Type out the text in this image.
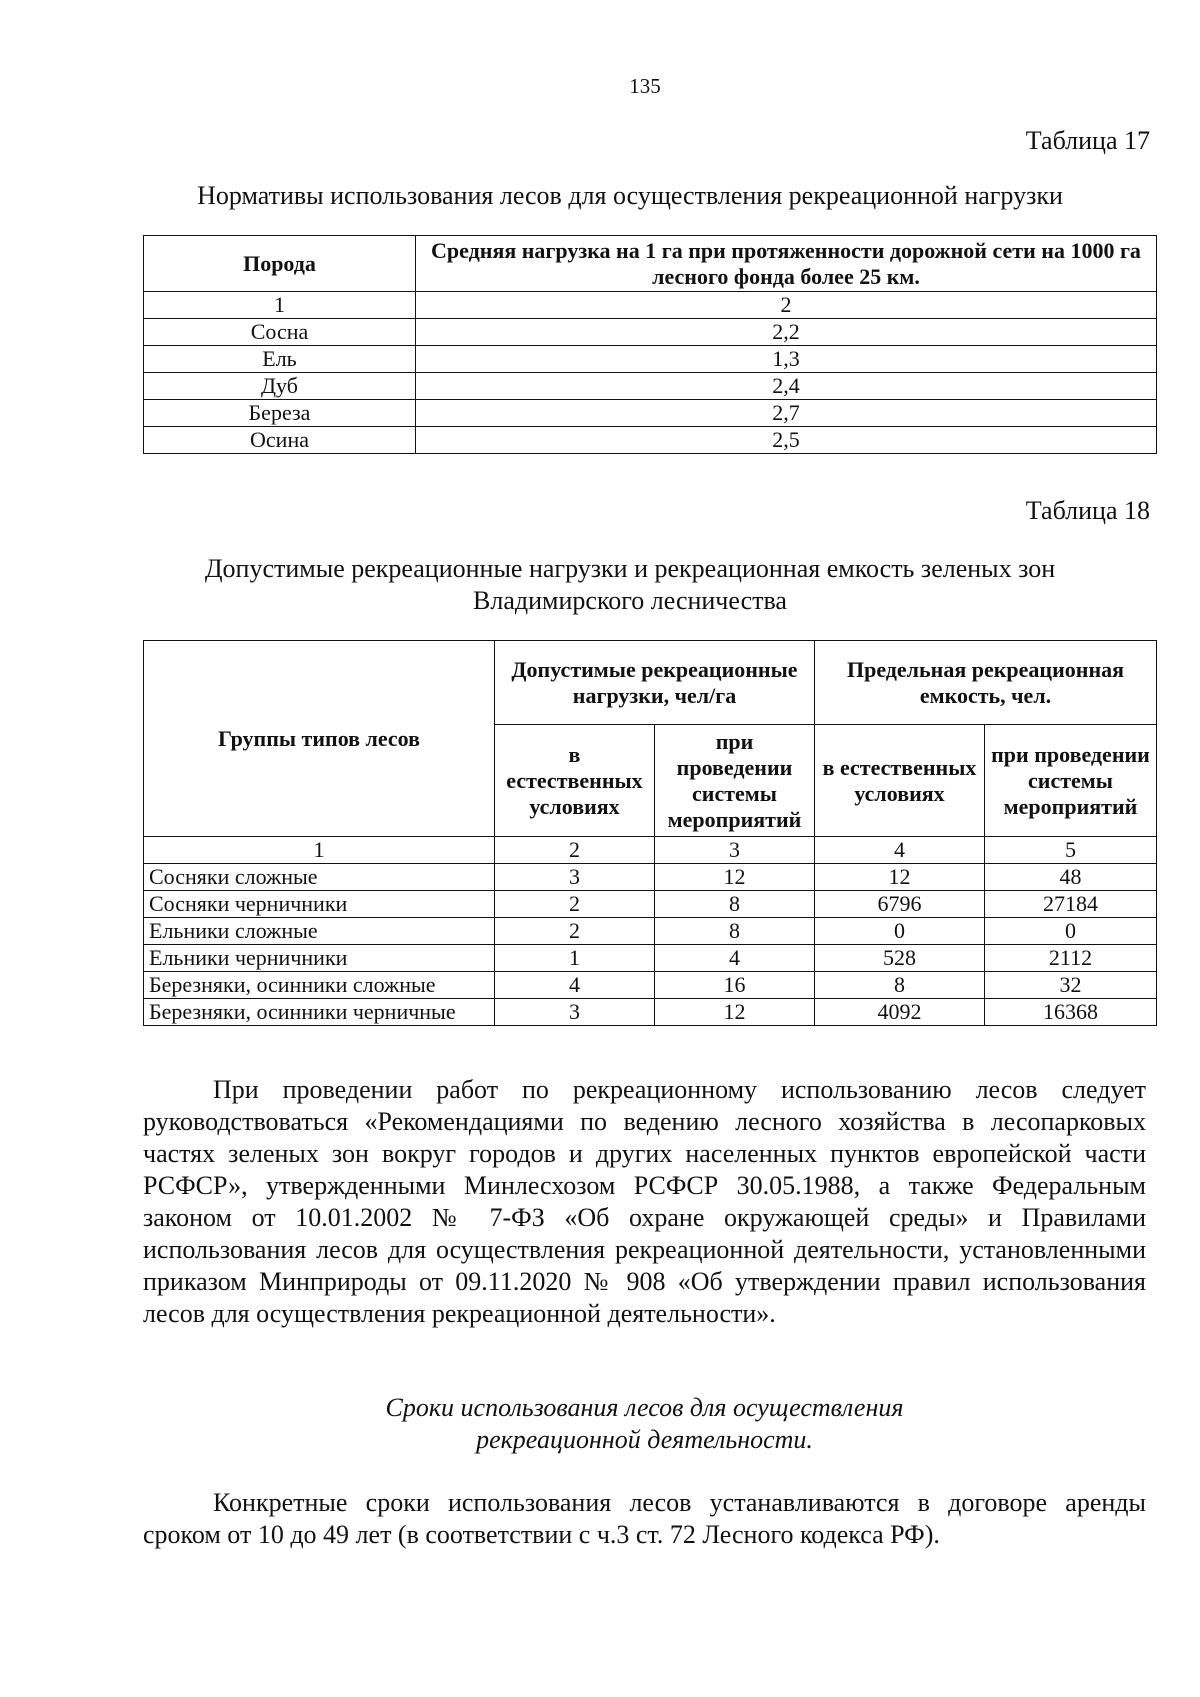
135
Таблица 17
Нормативы использования лесов для осуществления рекреационной нагрузки
Порода	Средняя нагрузка на 1 га при протяженности дорожной сети на 1000 га лесного фонда более 25 км.
1	2
Сосна	2,2
Ель	1,3
Дуб	2,4
Береза	2,7
Осина	2,5
Таблица 18
Допустимые рекреационные нагрузки и рекреационная емкость зеленых зон
Владимирского лесничества
Группы типов лесов	Допустимые рекреационные нагрузки, чел/га		Предельная рекреационная емкость, чел.	
	в естественных условиях	при проведении системы мероприятий	в естественных условиях	при проведении системы мероприятий
1	2	3	4	5
Сосняки сложные	3	12	12	48
Сосняки черничники	2	8	6796	27184
Ельники сложные	2	8	0	0
Ельники черничники	1	4	528	2112
Березняки, осинники сложные	4	16	8	32
Березняки, осинники черничные	3	12	4092	16368

При проведении работ по рекреационному использованию лесов следует руководствоваться «Рекомендациями по ведению лесного хозяйства в лесопарковых частях зеленых зон вокруг городов и других населенных пунктов европейской части РСФСР», утвержденными Минлесхозом РСФСР 30.05.1988, а также Федеральным законом от 10.01.2002 № 7-ФЗ «Об охране окружающей среды» и Правилами использования лесов для осуществления рекреационной деятельности, установленными приказом Минприроды от 09.11.2020 № 908 «Об утверждении правил использования лесов для осуществления рекреационной деятельности».

Сроки использования лесов для осуществления
рекреационной деятельности.

Конкретные сроки использования лесов устанавливаются в договоре аренды сроком от 10 до 49 лет (в соответствии с ч.3 ст. 72 Лесного кодекса РФ).
